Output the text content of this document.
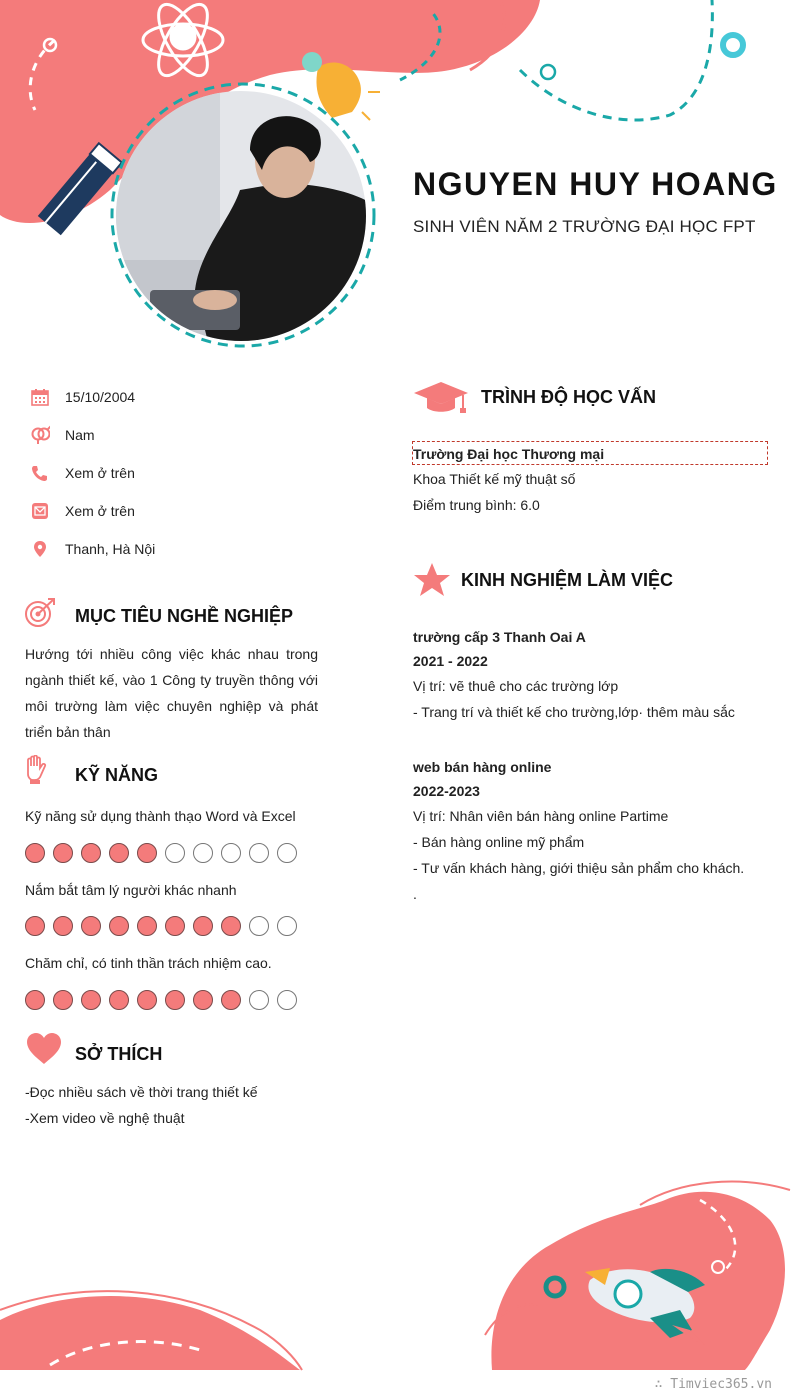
NGUYEN HUY HOANG
SINH VIÊN NĂM 2 TRƯỜNG ĐẠI HỌC FPT
15/10/2004
Nam
Xem ở trên
Xem ở trên
Thanh, Hà Nội
MỤC TIÊU NGHỀ NGHIỆP
Hướng tới nhiều công việc khác nhau trong ngành thiết kế, vào 1 Công ty truyền thông với môi trường làm việc chuyên nghiệp và phát triển bản thân
KỸ NĂNG
Kỹ năng sử dụng thành thạo Word và Excel
Nắm bắt tâm lý người khác nhanh
Chăm chỉ, có tinh thần trách nhiệm cao.
SỞ THÍCH
-Đọc nhiều sách về thời trang thiết kế
-Xem video về nghệ thuật
TRÌNH ĐỘ HỌC VẤN
Trường Đại học Thương mại
Khoa Thiết kế mỹ thuật số
Điểm trung bình: 6.0
KINH NGHIỆM LÀM VIỆC
trường cấp 3 Thanh Oai A
2021 - 2022
Vị trí: vẽ thuê cho các trường lớp
- Trang trí và thiết kế cho trường,lớp· thêm màu sắc
web bán hàng online
2022-2023
Vị trí: Nhân viên bán hàng online Partime
- Bán hàng online mỹ phẩm
- Tư vấn khách hàng, giới thiệu sản phẩm cho khách.
.
∴ Timviec365.vn
